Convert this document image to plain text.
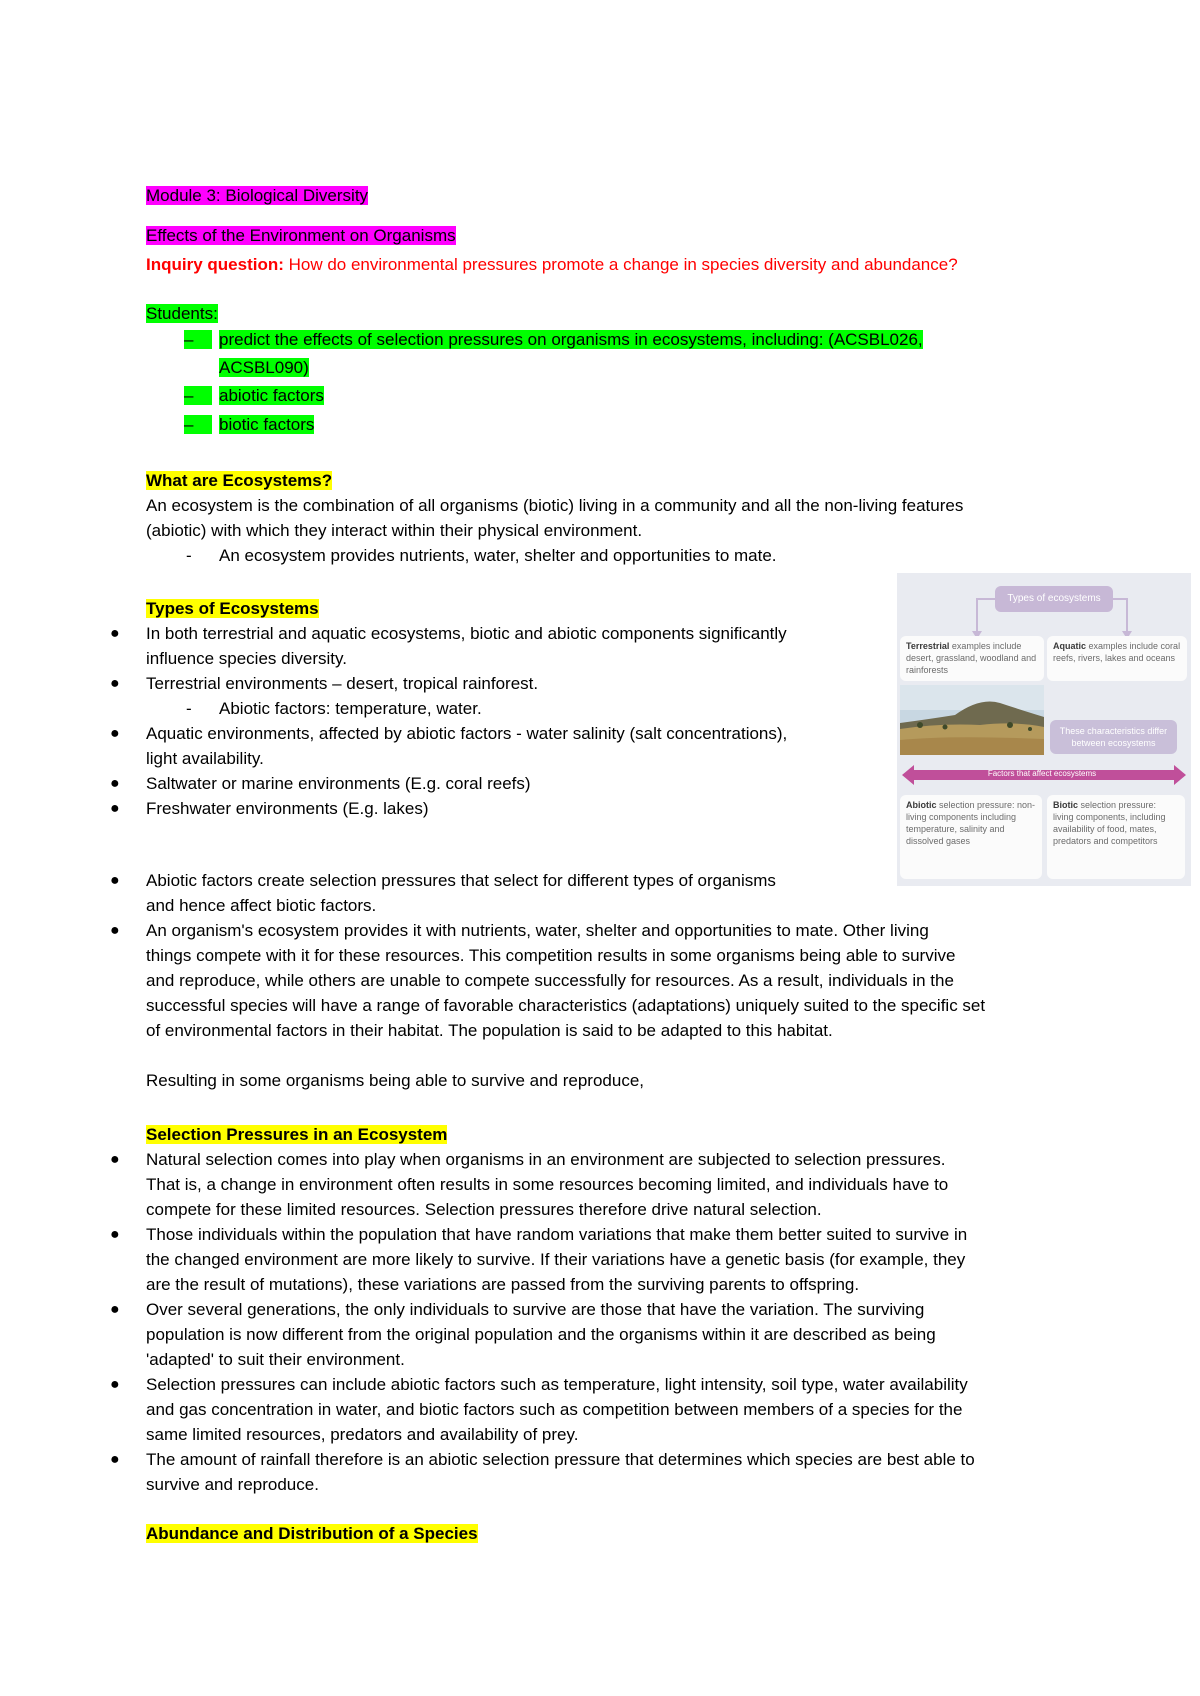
Module 3: Biological Diversity
Effects of the Environment on Organisms
Inquiry question: How do environmental pressures promote a change in species diversity and abundance?
Students:
– predict the effects of selection pressures on organisms in ecosystems, including: (ACSBL026,
ACSBL090)
– abiotic factors
– biotic factors
What are Ecosystems?
An ecosystem is the combination of all organisms (biotic) living in a community and all the non-living features
(abiotic) with which they interact within their physical environment.
- An ecosystem provides nutrients, water, shelter and opportunities to mate.
Types of Ecosystems
● In both terrestrial and aquatic ecosystems, biotic and abiotic components significantly
influence species diversity.
● Terrestrial environments – desert, tropical rainforest.
- Abiotic factors: temperature, water.
● Aquatic environments, affected by abiotic factors - water salinity (salt concentrations),
light availability.
● Saltwater or marine environments (E.g. coral reefs)
● Freshwater environments (E.g. lakes)
● Abiotic factors create selection pressures that select for different types of organisms
and hence affect biotic factors.
● An organism's ecosystem provides it with nutrients, water, shelter and opportunities to mate. Other living
things compete with it for these resources. This competition results in some organisms being able to survive
and reproduce, while others are unable to compete successfully for resources. As a result, individuals in the
successful species will have a range of favorable characteristics (adaptations) uniquely suited to the specific set
of environmental factors in their habitat. The population is said to be adapted to this habitat.
Resulting in some organisms being able to survive and reproduce,
Types of ecosystems
Terrestrial examples include desert, grassland, woodland and rainforests
Aquatic examples include coral reefs, rivers, lakes and oceans
These characteristics differ between ecosystems
Factors that affect ecosystems
Abiotic selection pressure: non-living components including temperature, salinity and dissolved gases
Biotic selection pressure: living components, including availability of food, mates, predators and competitors
Selection Pressures in an Ecosystem
● Natural selection comes into play when organisms in an environment are subjected to selection pressures.
That is, a change in environment often results in some resources becoming limited, and individuals have to
compete for these limited resources. Selection pressures therefore drive natural selection.
● Those individuals within the population that have random variations that make them better suited to survive in
the changed environment are more likely to survive. If their variations have a genetic basis (for example, they
are the result of mutations), these variations are passed from the surviving parents to offspring.
● Over several generations, the only individuals to survive are those that have the variation. The surviving
population is now different from the original population and the organisms within it are described as being
'adapted' to suit their environment.
● Selection pressures can include abiotic factors such as temperature, light intensity, soil type, water availability
and gas concentration in water, and biotic factors such as competition between members of a species for the
same limited resources, predators and availability of prey.
● The amount of rainfall therefore is an abiotic selection pressure that determines which species are best able to
survive and reproduce.
Abundance and Distribution of a Species
